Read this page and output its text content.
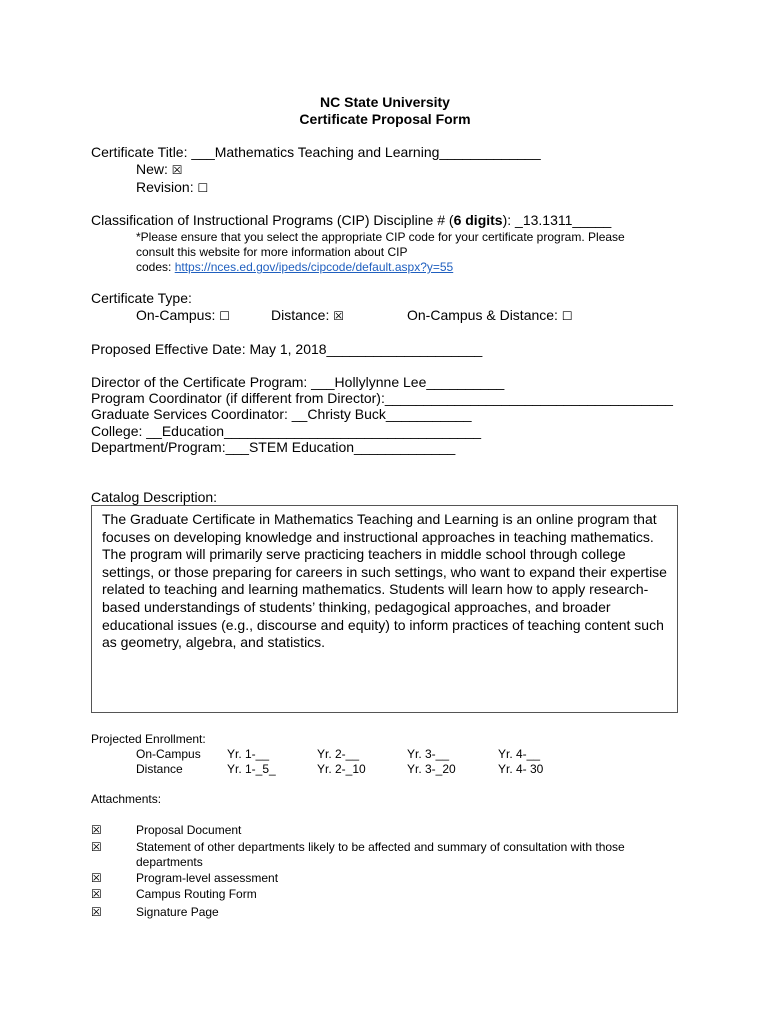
NC State University
Certificate Proposal Form
Certificate Title: ___Mathematics Teaching and Learning_____________
New: ☒
Revision: ☐
Classification of Instructional Programs (CIP) Discipline # (6 digits): _13.1311_____
*Please ensure that you select the appropriate CIP code for your certificate program. Please
consult this website for more information about CIP
codes: https://nces.ed.gov/ipeds/cipcode/default.aspx?y=55
Certificate Type:
On-Campus: ☐	Distance: ☒	On-Campus & Distance: ☐
Proposed Effective Date: May 1, 2018____________________
Director of the Certificate Program: ___Hollylynne Lee__________
Program Coordinator (if different from Director):_____________________________________
Graduate Services Coordinator: __Christy Buck___________
College: __Education_________________________________
Department/Program:___STEM Education_____________
Catalog Description:
The Graduate Certificate in Mathematics Teaching and Learning is an online program that focuses on developing knowledge and instructional approaches in teaching mathematics. The program will primarily serve practicing teachers in middle school through college settings, or those preparing for careers in such settings, who want to expand their expertise related to teaching and learning mathematics. Students will learn how to apply research-based understandings of students’ thinking, pedagogical approaches, and broader educational issues (e.g., discourse and equity) to inform practices of teaching content such as geometry, algebra, and statistics.
Projected Enrollment:
On-Campus Yr. 1-__	Yr. 2-__	Yr. 3-__	Yr. 4-__
Distance	Yr. 1-_5_	Yr. 2-_10	Yr. 3-_20	Yr. 4- 30
Attachments:
☒	Proposal Document
☒	Statement of other departments likely to be affected and summary of consultation with those
departments
☒	Program-level assessment
☒	Campus Routing Form
☒	Signature Page
